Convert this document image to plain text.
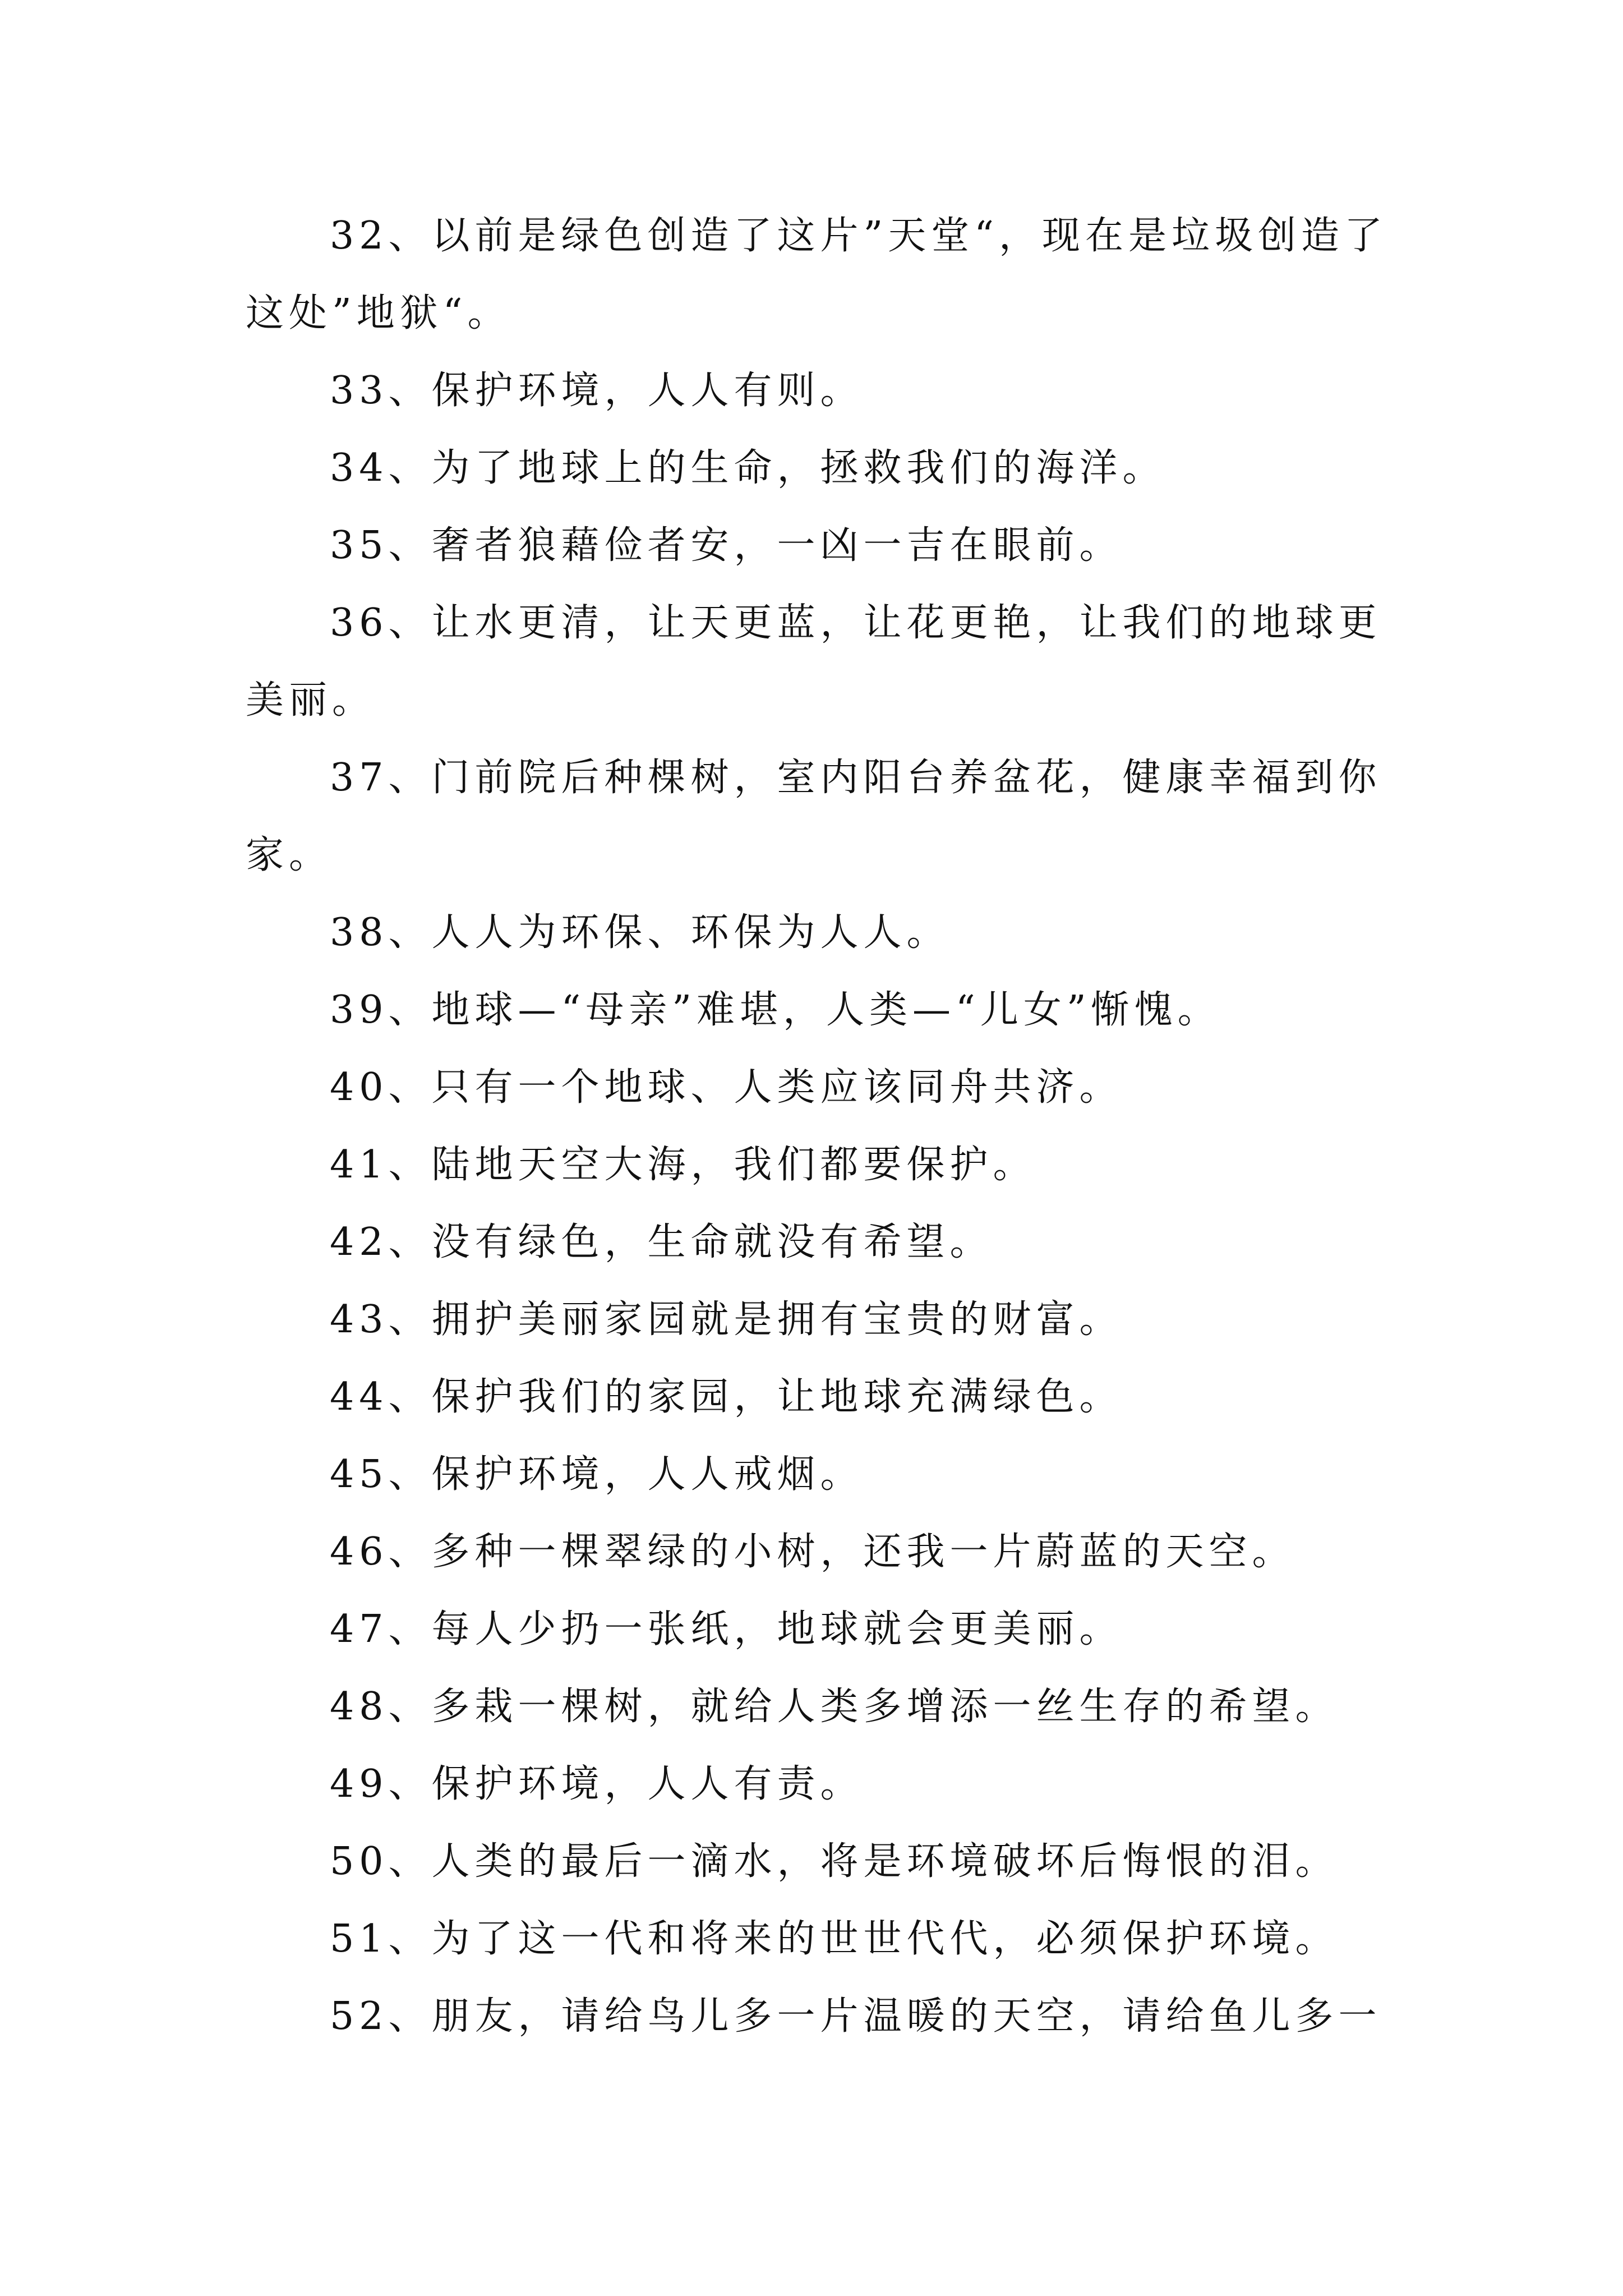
32、以前是绿色创造了这片”天堂“，现在是垃圾创造了这处”地狱“。

33、保护环境，人人有则。

34、为了地球上的生命，拯救我们的海洋。

35、奢者狼藉俭者安，一凶一吉在眼前。

36、让水更清，让天更蓝，让花更艳，让我们的地球更美丽。

37、门前院后种棵树，室内阳台养盆花，健康幸福到你家。

38、人人为环保、环保为人人。

39、地球—“母亲”难堪，人类—“儿女”惭愧。

40、只有一个地球、人类应该同舟共济。

41、陆地天空大海，我们都要保护。

42、没有绿色，生命就没有希望。

43、拥护美丽家园就是拥有宝贵的财富。

44、保护我们的家园，让地球充满绿色。

45、保护环境，人人戒烟。

46、多种一棵翠绿的小树，还我一片蔚蓝的天空。

47、每人少扔一张纸，地球就会更美丽。

48、多栽一棵树，就给人类多增添一丝生存的希望。

49、保护环境，人人有责。

50、人类的最后一滴水，将是环境破坏后悔恨的泪。

51、为了这一代和将来的世世代代，必须保护环境。

52、朋友，请给鸟儿多一片温暖的天空，请给鱼儿多一
